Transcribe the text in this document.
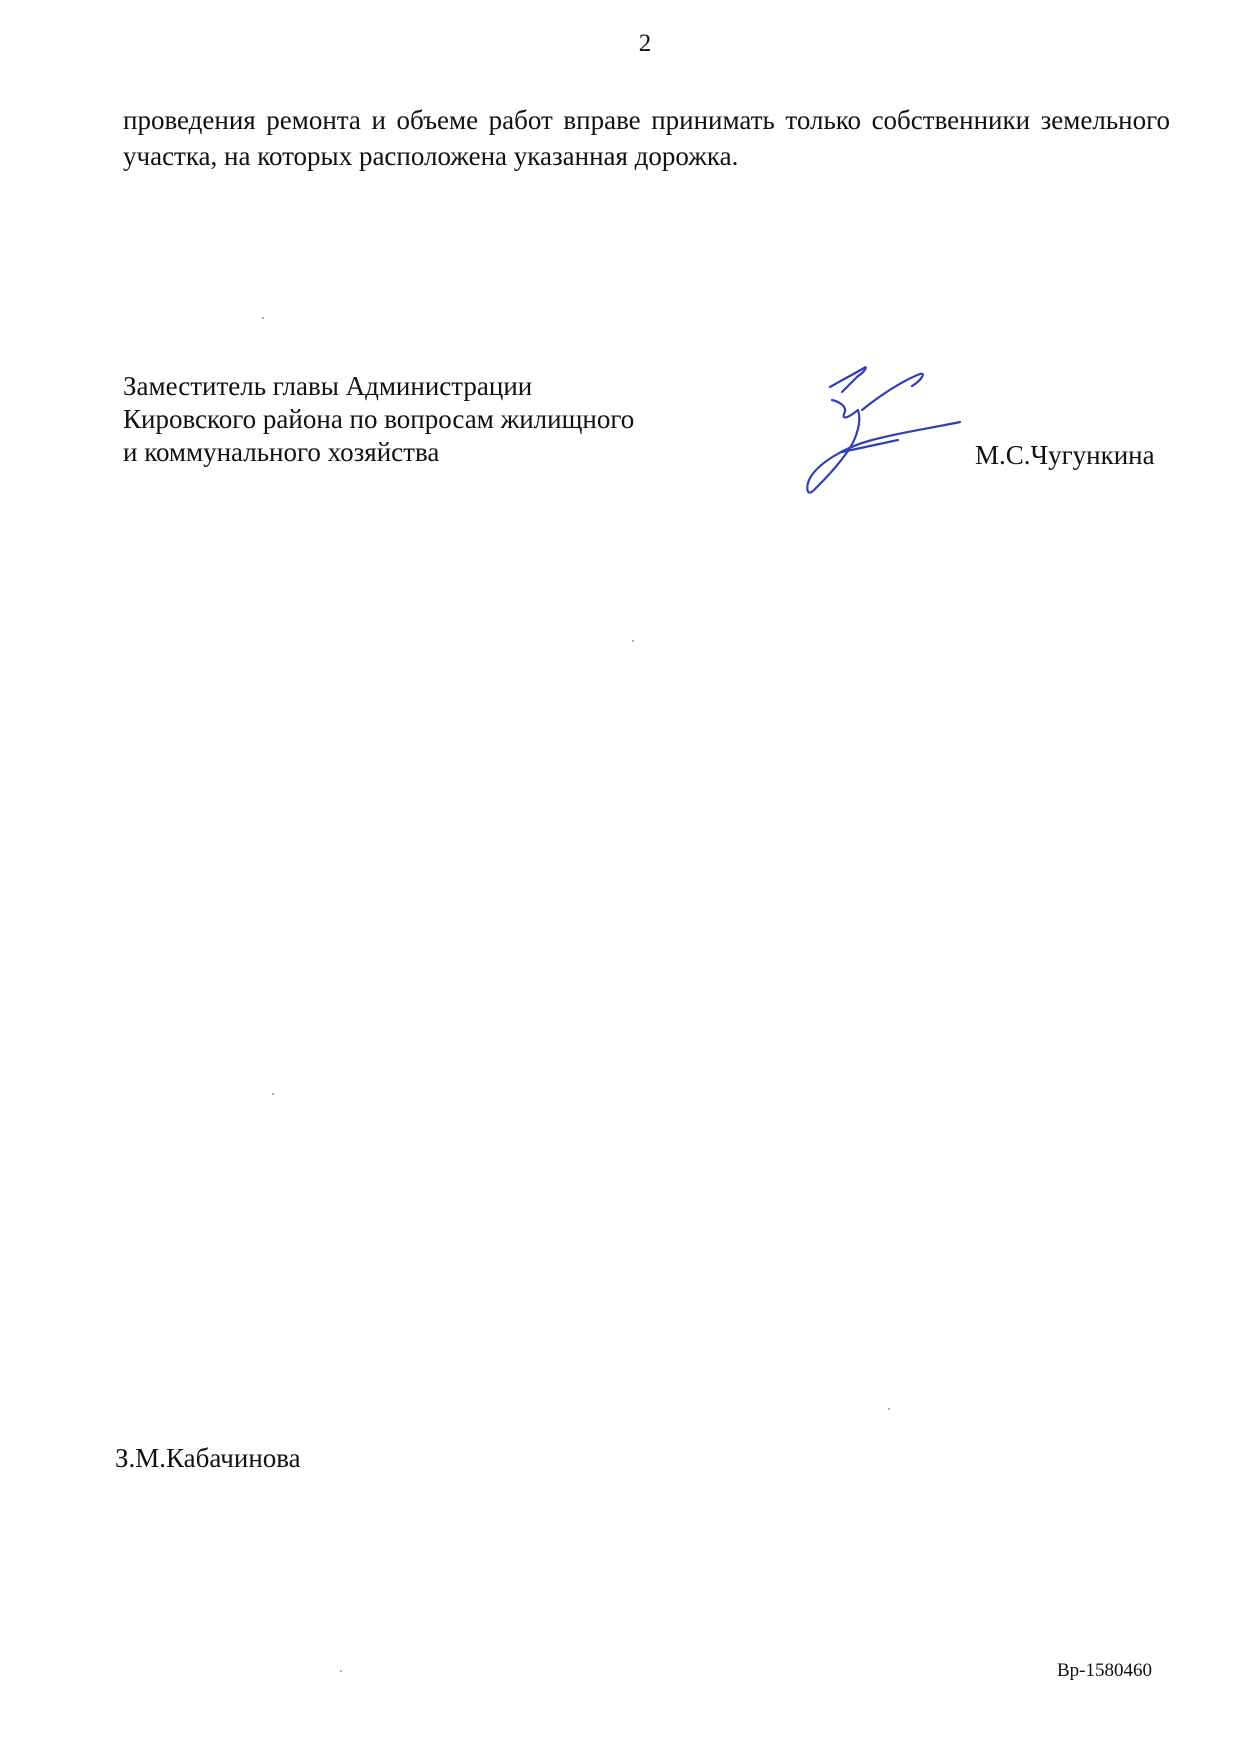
2
проведения ремонта и объеме работ вправе принимать только собственники земельного участка, на которых расположена указанная дорожка.
Заместитель главы Администрации
Кировского района по вопросам жилищного
и коммунального хозяйства	М.С.Чугункина
З.М.Кабачинова
Вр-1580460
